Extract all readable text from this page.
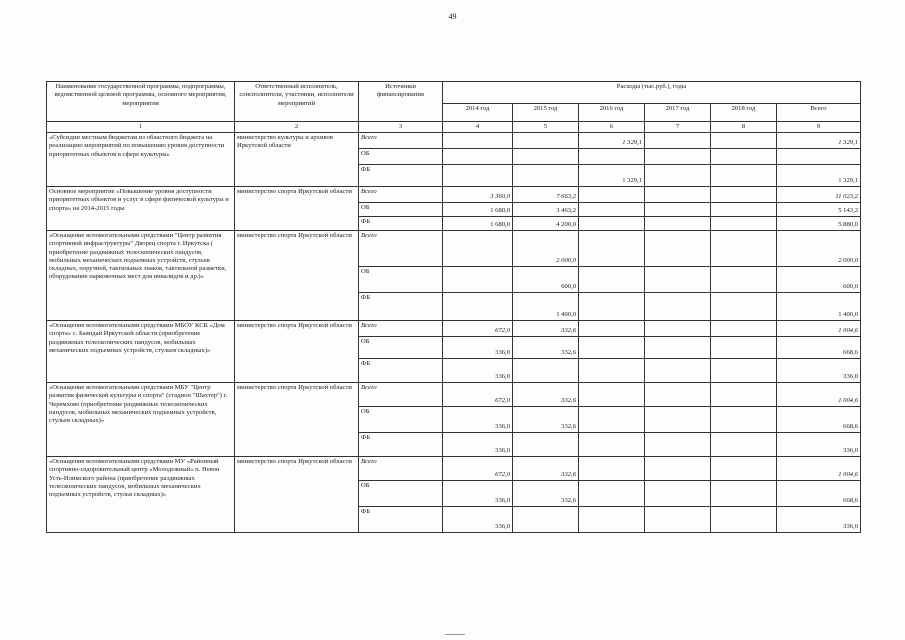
49
Наименование государственной программы, подпрограммы, ведомственной целевой программы, основного мероприятия, мероприятия	Ответственный исполнитель, соисполнители, участники, исполнители мероприятий	Источники финансирования	Расходы (тыс.руб.), годы					
			2014 год	2015 год	2016 год	2017 год	2018 год	Всего
1	2	3	4	5	6	7	8	9
«Субсидии местным бюджетам из областного бюджета на реализацию мероприятий по повышению уровня доступности приоритетных объектов в сфере культуры»	министерство культуры и архивов Иркутской области	Всего			1 329,1			1 329,1
		ОБ						
		ФБ			1 329,1			1 329,1
Основное мероприятие «Повышение уровня доступности приоритетных объектов и услуг в сфере физической культуры и спорта» на 2014-2015 годы	министерство спорта Иркутской области	Всего	3 360,0	7 663,2				11 023,2
		ОБ	1 680,0	3 463,2				5 143,2
		ФБ	1 680,0	4 200,0				5 880,0
«Оснащение вспомогательными средствами "Центр развития спортивной инфраструктуры" Дворец спорта г. Иркутска ( приобретение раздвижных телескопических пандусов, мобильных механических подъемных устройств, стульев складных, поручней, тактильных знаков, тактильной разметки, оборудование парковочных мест для инвалидов и др.)»	министерство спорта Иркутской области	Всего		2 000,0				2 000,0
		ОБ		600,0				600,0
		ФБ		1 400,0				1 400,0
«Оснащение вспомогательными средствами МБОУ КСК «Дом спорта» с. Баяндай Иркутской области (приобретение раздвижных телескопических пандусов, мобильных механических подъемных устройств, стульев складных)»	министерство спорта Иркутской области	Всего	672,0	332,6				1 004,6
		ОБ	336,0	332,6				668,6
		ФБ	336,0					336,0
«Оснащение вспомогательными средствами МБУ "Центр развития физической культуры и спорта" (стадион "Шахтер") г. Черемхово (приобретение раздвижных телескопических пандусов, мобильных механических подъемных устройств, стульев складных)»	министерство спорта Иркутской области	Всего	672,0	332,6				1 004,6
		ОБ	336,0	332,6				668,6
		ФБ	336,0					336,0
«Оснащение вспомогательными средствами МУ «Районный спортивно-оздоровительный центр «Молодежный» п. Невон Усть-Илимского района (приобретение раздвижных телескопических пандусов, мобильных механических подъемных устройств, стулья складных)»	министерство спорта Иркутской области	Всего	672,0	332,6				1 004,6
		ОБ	336,0	332,6				668,6
		ФБ	336,0					336,0
